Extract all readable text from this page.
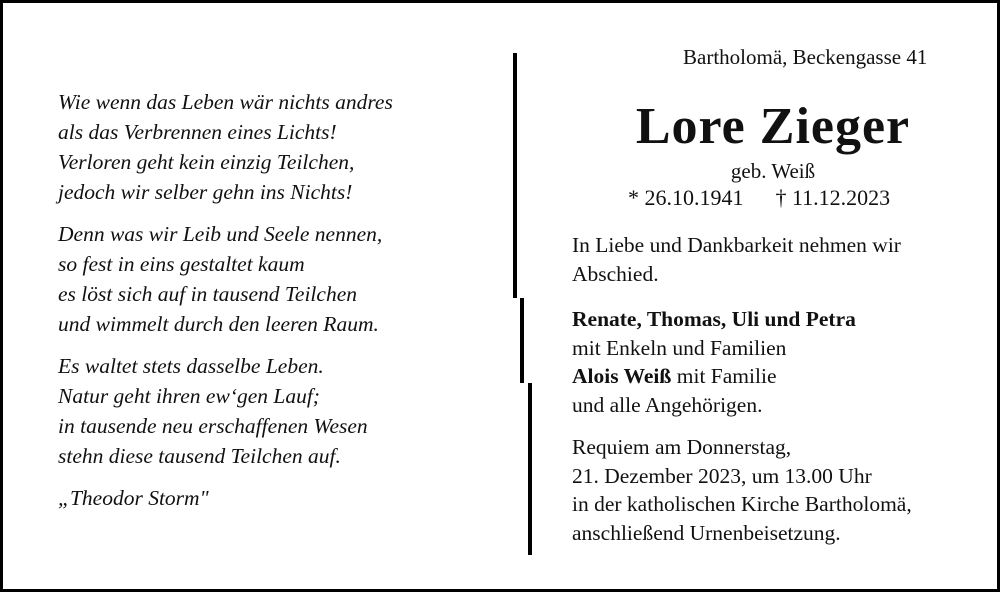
Wie wenn das Leben wär nichts andres
als das Verbrennen eines Lichts!
Verloren geht kein einzig Teilchen,
jedoch wir selber gehn ins Nichts!
Denn was wir Leib und Seele nennen,
so fest in eins gestaltet kaum
es löst sich auf in tausend Teilchen
und wimmelt durch den leeren Raum.
Es waltet stets dasselbe Leben.
Natur geht ihren ew‘gen Lauf;
in tausende neu erschaffenen Wesen
stehn diese tausend Teilchen auf.
„Theodor Storm"
Bartholomä, Beckengasse 41
Lore Zieger
geb. Weiß
* 26.10.1941 † 11.12.2023
In Liebe und Dankbarkeit nehmen wir
Abschied.
Renate, Thomas, Uli und Petra
mit Enkeln und Familien
Alois Weiß mit Familie
und alle Angehörigen.
Requiem am Donnerstag,
21. Dezember 2023, um 13.00 Uhr
in der katholischen Kirche Bartholomä,
anschließend Urnenbeisetzung.
